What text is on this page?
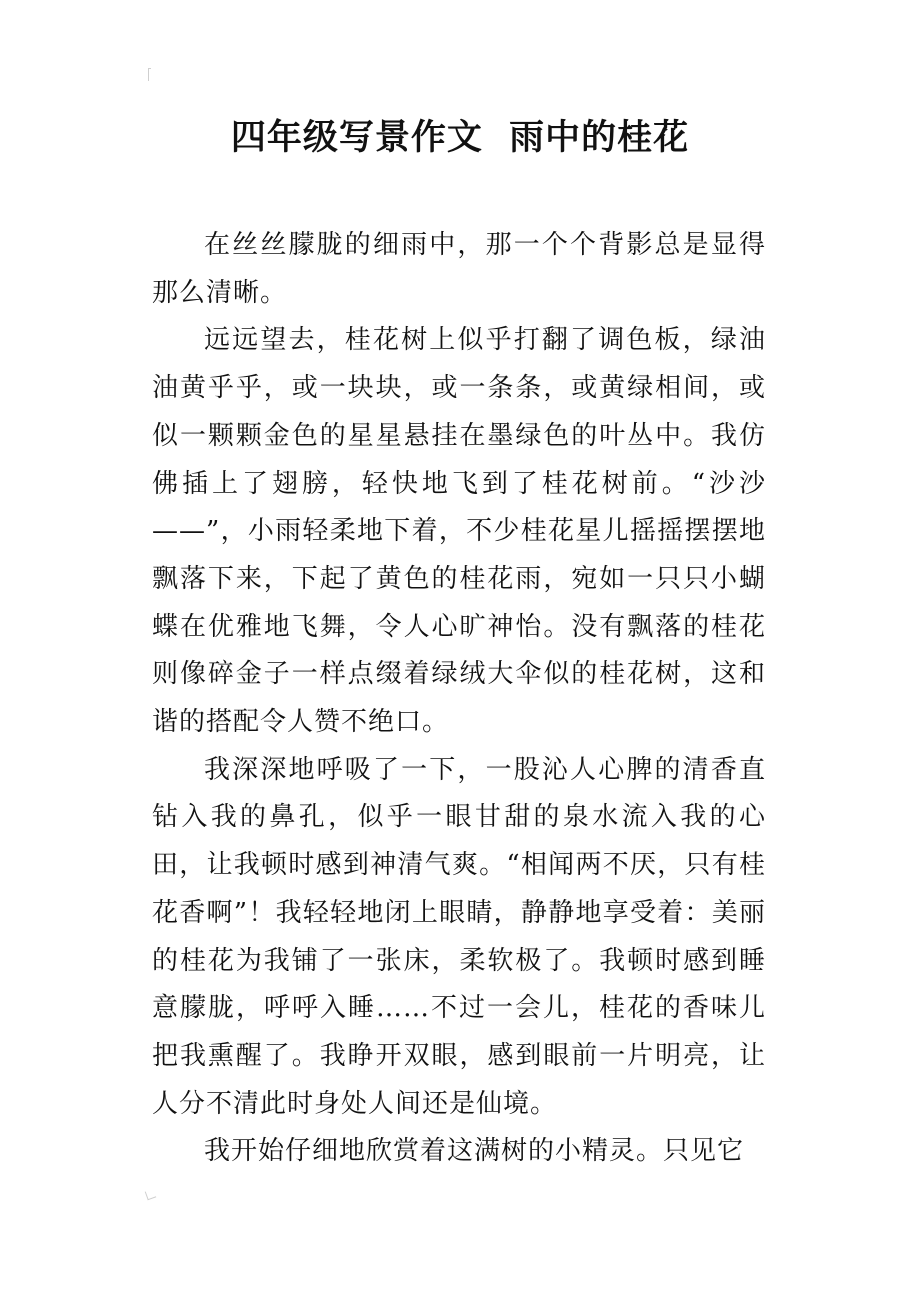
四年级写景作文  雨中的桂花

在丝丝朦胧的细雨中，那一个个背影总是显得那么清晰。

远远望去，桂花树上似乎打翻了调色板，绿油油黄乎乎，或一块块，或一条条，或黄绿相间，或似一颗颗金色的星星悬挂在墨绿色的叶丛中。我仿佛插上了翅膀，轻快地飞到了桂花树前。“沙沙——”，小雨轻柔地下着，不少桂花星儿摇摇摆摆地飘落下来，下起了黄色的桂花雨，宛如一只只小蝴蝶在优雅地飞舞，令人心旷神怡。没有飘落的桂花则像碎金子一样点缀着绿绒大伞似的桂花树，这和谐的搭配令人赞不绝口。

我深深地呼吸了一下，一股沁人心脾的清香直钻入我的鼻孔，似乎一眼甘甜的泉水流入我的心田，让我顿时感到神清气爽。“相闻两不厌，只有桂花香啊”！我轻轻地闭上眼睛，静静地享受着：美丽的桂花为我铺了一张床，柔软极了。我顿时感到睡意朦胧，呼呼入睡……不过一会儿，桂花的香味儿把我熏醒了。我睁开双眼，感到眼前一片明亮，让人分不清此时身处人间还是仙境。

我开始仔细地欣赏着这满树的小精灵。只见它
